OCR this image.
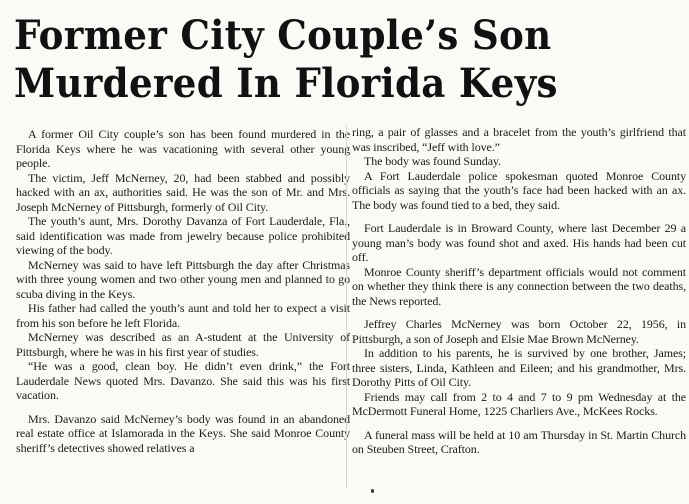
Former City Couple’s Son
Murdered In Florida Keys

A former Oil City couple’s son has been found murdered in the Florida Keys where he was vacationing with several other young people.

The victim, Jeff McNerney, 20, had been stabbed and possibly hacked with an ax, authorities said. He was the son of Mr. and Mrs. Joseph McNerney of Pittsburgh, formerly of Oil City.

The youth’s aunt, Mrs. Dorothy Davanza of Fort Lauderdale, Fla., said identification was made from jewelry because police prohibited viewing of the body.

McNerney was said to have left Pittsburgh the day after Christmas with three young women and two other young men and planned to go scuba diving in the Keys.

His father had called the youth’s aunt and told her to expect a visit from his son before he left Florida.

McNerney was described as an A-student at the University of Pittsburgh, where he was in his first year of studies.

“He was a good, clean boy. He didn’t even drink,” the Fort Lauderdale News quoted Mrs. Davanzo. She said this was his first vacation.

Mrs. Davanzo said McNerney’s body was found in an abandoned real estate office at Islamorada in the Keys. She said Monroe County sheriff’s detectives showed relatives a

ring, a pair of glasses and a bracelet from the youth’s girlfriend that was inscribed, “Jeff with love.”

The body was found Sunday.

A Fort Lauderdale police spokesman quoted Monroe County officials as saying that the youth’s face had been hacked with an ax. The body was found tied to a bed, they said.

Fort Lauderdale is in Broward County, where last December 29 a young man’s body was found shot and axed. His hands had been cut off.

Monroe County sheriff’s department officials would not comment on whether they think there is any connection between the two deaths, the News reported.

Jeffrey Charles McNerney was born October 22, 1956, in Pittsburgh, a son of Joseph and Elsie Mae Brown McNerney.

In addition to his parents, he is survived by one brother, James; three sisters, Linda, Kathleen and Eileen; and his grandmother, Mrs. Dorothy Pitts of Oil City.

Friends may call from 2 to 4 and 7 to 9 pm Wednesday at the McDermott Funeral Home, 1225 Charliers Ave., McKees Rocks.

A funeral mass will be held at 10 am Thursday in St. Martin Church on Steuben Street, Crafton.
